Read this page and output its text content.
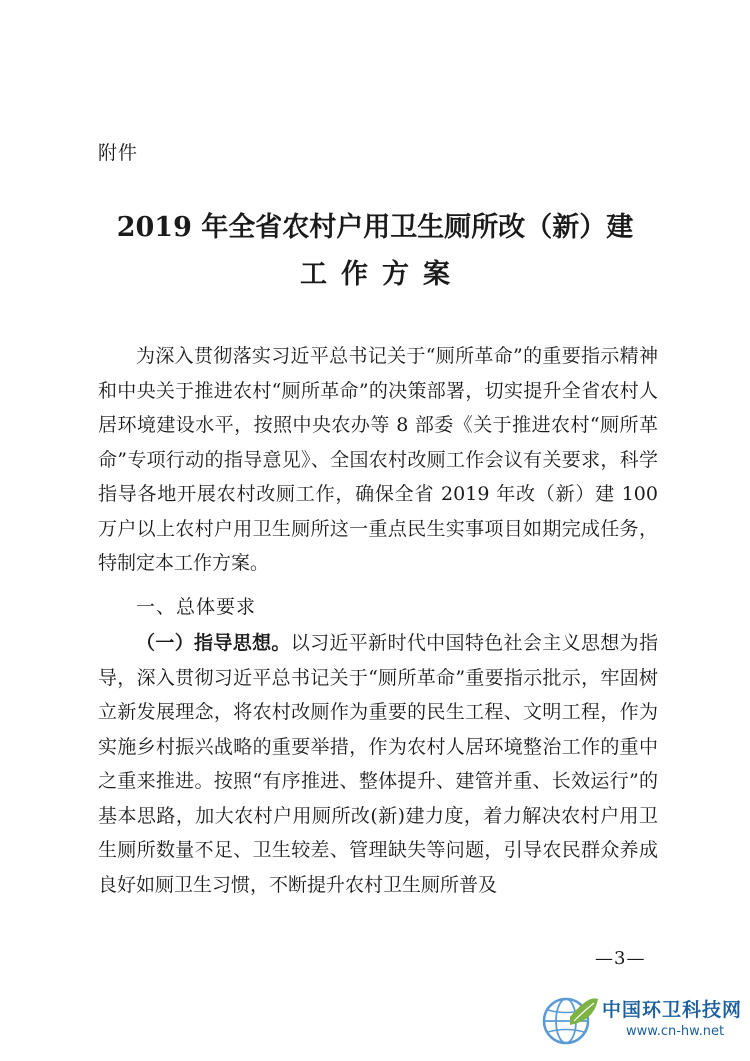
附件
2019 年全省农村户用卫生厕所改（新）建
工作方案
为深入贯彻落实习近平总书记关于“厕所革命”的重要指示精神和中央关于推进农村“厕所革命”的决策部署，切实提升全省农村人居环境建设水平，按照中央农办等 8 部委《关于推进农村“厕所革命”专项行动的指导意见》、全国农村改厕工作会议有关要求，科学指导各地开展农村改厕工作，确保全省 2019 年改（新）建 100 万户以上农村户用卫生厕所这一重点民生实事项目如期完成任务，特制定本工作方案。
一、总体要求
（一）指导思想。以习近平新时代中国特色社会主义思想为指导，深入贯彻习近平总书记关于“厕所革命”重要指示批示，牢固树立新发展理念，将农村改厕作为重要的民生工程、文明工程，作为实施乡村振兴战略的重要举措，作为农村人居环境整治工作的重中之重来推进。按照“有序推进、整体提升、建管并重、长效运行”的基本思路，加大农村户用厕所改(新)建力度，着力解决农村户用卫生厕所数量不足、卫生较差、管理缺失等问题，引导农民群众养成良好如厕卫生习惯，不断提升农村卫生厕所普及
—3—
中国环卫科技网
www.cn-hw.net
